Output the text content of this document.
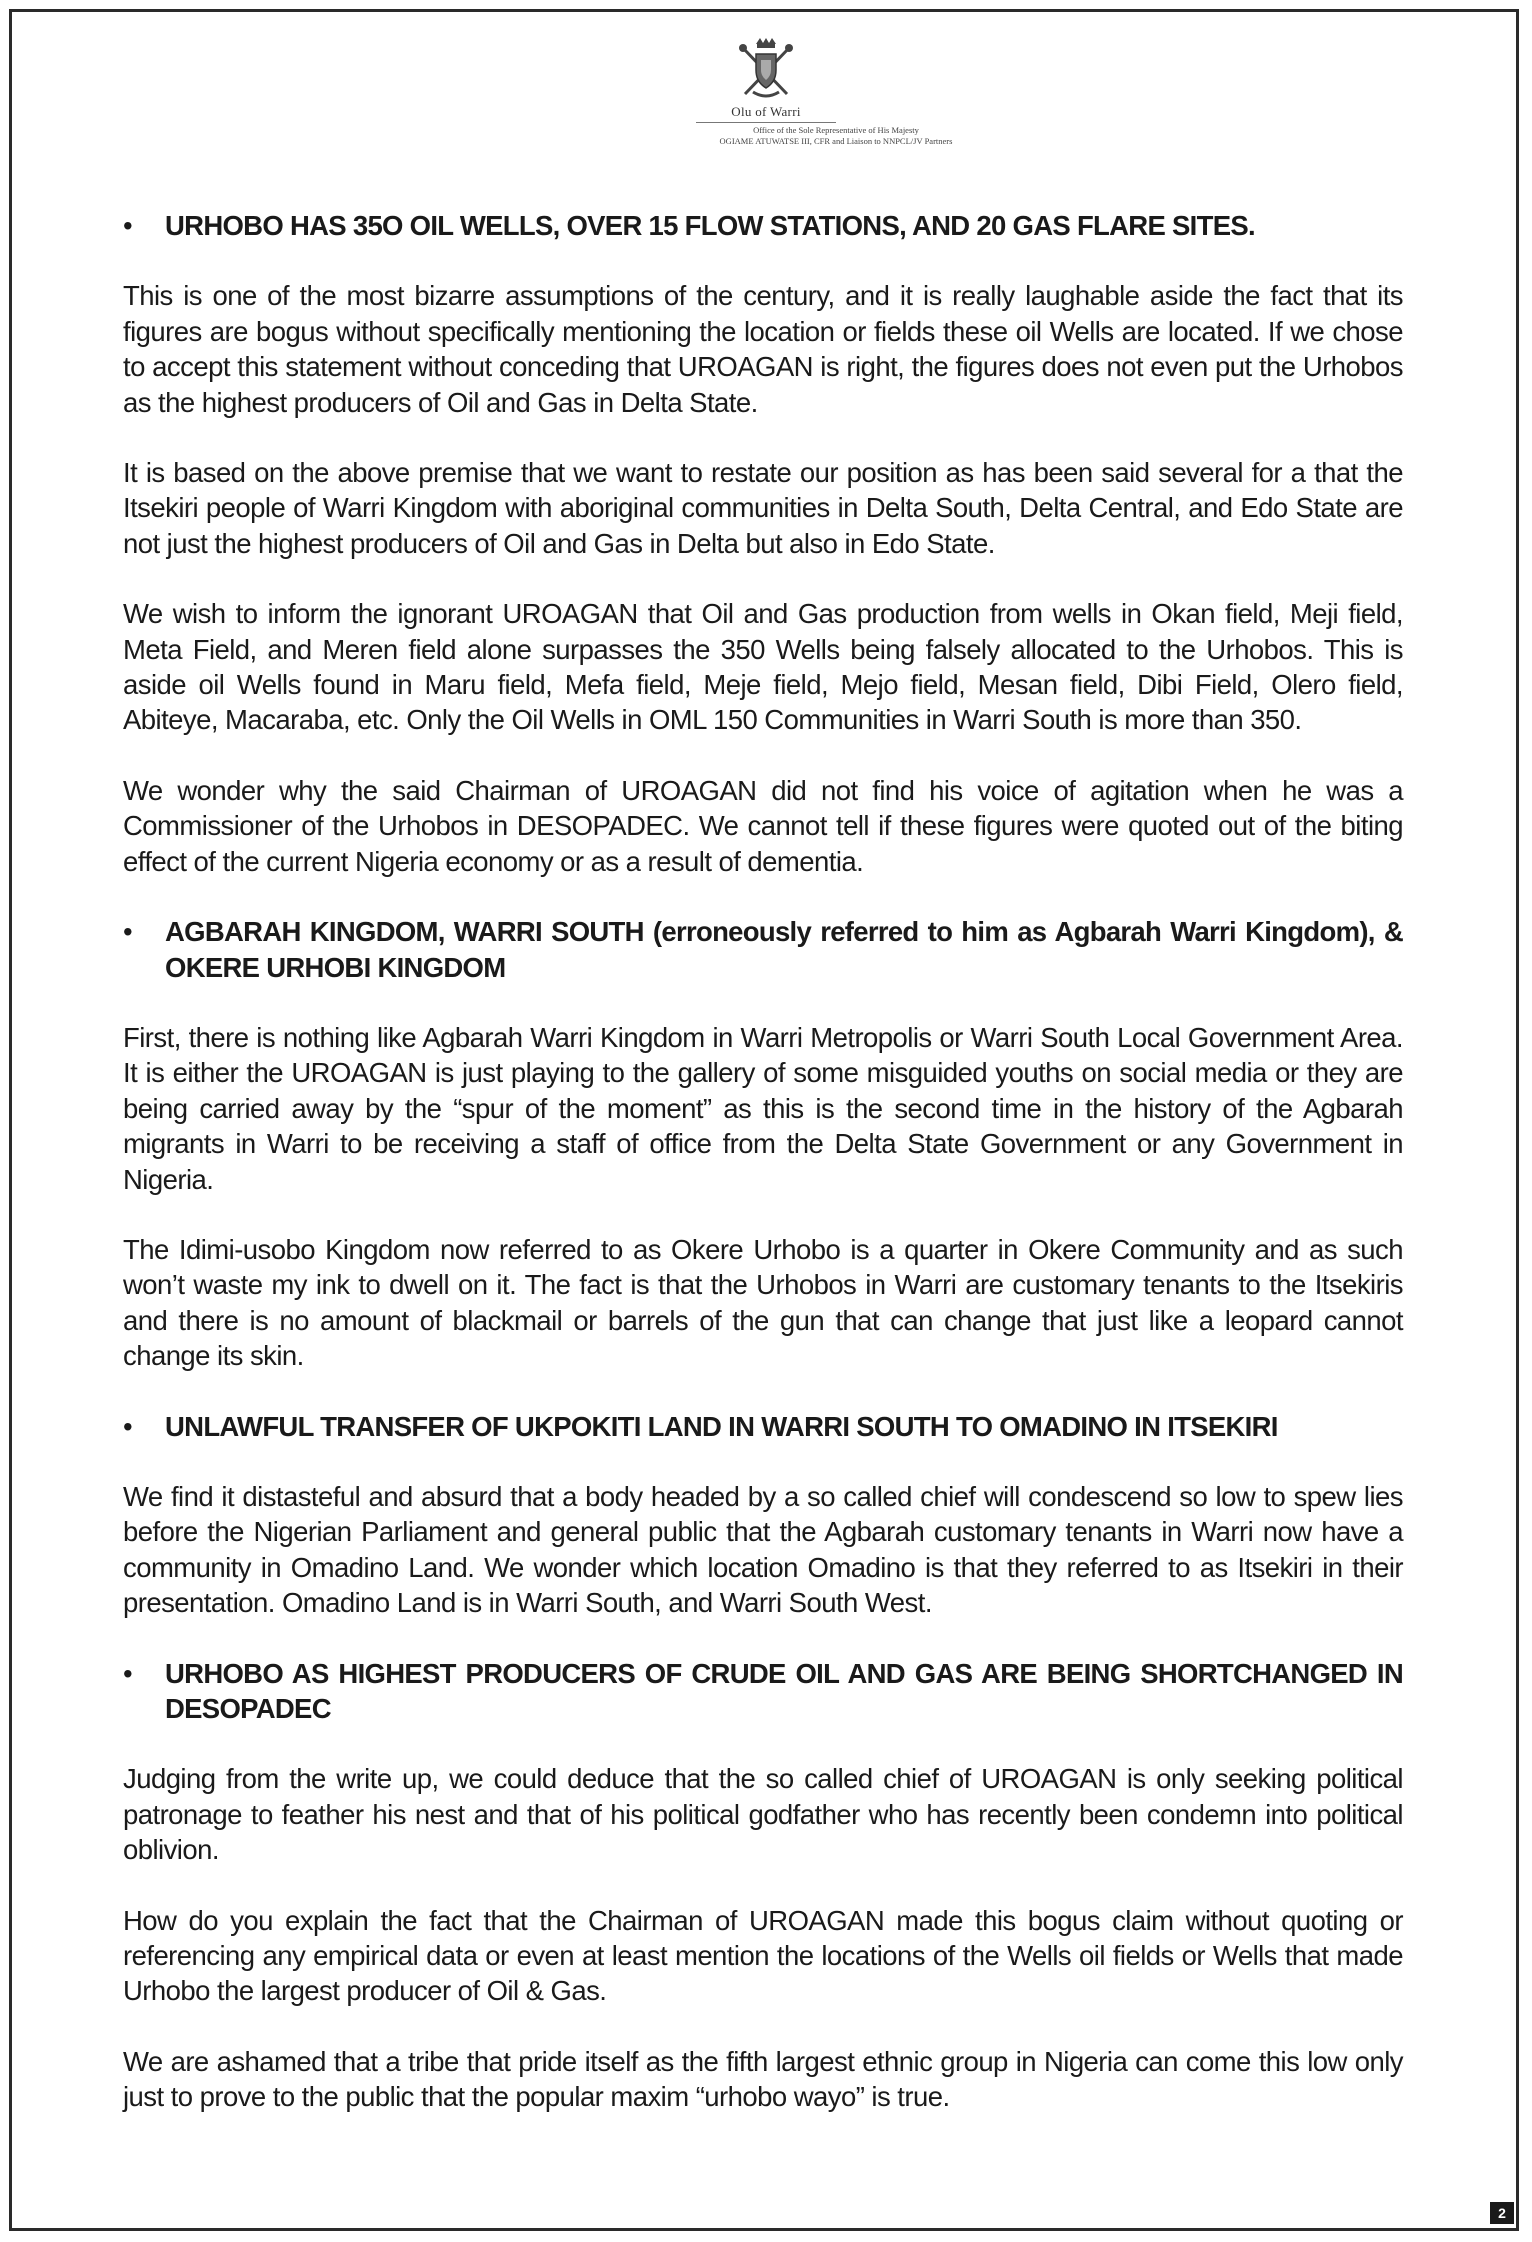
Olu of Warri
Office of the Sole Representative of His Majesty
OGIAME ATUWATSE III, CFR and Liaison to NNPCL/JV Partners
• URHOBO HAS 35O OIL WELLS, OVER 15 FLOW STATIONS, AND 20 GAS FLARE SITES.

This is one of the most bizarre assumptions of the century, and it is really laughable aside the fact that its figures are bogus without specifically mentioning the location or fields these oil Wells are located. If we chose to accept this statement without conceding that UROAGAN is right, the figures does not even put the Urhobos as the highest producers of Oil and Gas in Delta State.

It is based on the above premise that we want to restate our position as has been said several for a that the Itsekiri people of Warri Kingdom with aboriginal communities in Delta South, Delta Central, and Edo State are not just the highest producers of Oil and Gas in Delta but also in Edo State.

We wish to inform the ignorant UROAGAN that Oil and Gas production from wells in Okan field, Meji field, Meta Field, and Meren field alone surpasses the 350 Wells being falsely allocated to the Urhobos. This is aside oil Wells found in Maru field, Mefa field, Meje field, Mejo field, Mesan field, Dibi Field, Olero field, Abiteye, Macaraba, etc. Only the Oil Wells in OML 150 Communities in Warri South is more than 350.

We wonder why the said Chairman of UROAGAN did not find his voice of agitation when he was a Commissioner of the Urhobos in DESOPADEC. We cannot tell if these figures were quoted out of the biting effect of the current Nigeria economy or as a result of dementia.

• AGBARAH KINGDOM, WARRI SOUTH (erroneously referred to him as Agbarah Warri Kingdom), & OKERE URHOBI KINGDOM

First, there is nothing like Agbarah Warri Kingdom in Warri Metropolis or Warri South Local Government Area. It is either the UROAGAN is just playing to the gallery of some misguided youths on social media or they are being carried away by the “spur of the moment” as this is the second time in the history of the Agbarah migrants in Warri to be receiving a staff of office from the Delta State Government or any Government in Nigeria.

The Idimi-usobo Kingdom now referred to as Okere Urhobo is a quarter in Okere Community and as such won’t waste my ink to dwell on it. The fact is that the Urhobos in Warri are customary tenants to the Itsekiris and there is no amount of blackmail or barrels of the gun that can change that just like a leopard cannot change its skin.

• UNLAWFUL TRANSFER OF UKPOKITI LAND IN WARRI SOUTH TO OMADINO IN ITSEKIRI

We find it distasteful and absurd that a body headed by a so called chief will condescend so low to spew lies before the Nigerian Parliament and general public that the Agbarah customary tenants in Warri now have a community in Omadino Land. We wonder which location Omadino is that they referred to as Itsekiri in their presentation. Omadino Land is in Warri South, and Warri South West.

• URHOBO AS HIGHEST PRODUCERS OF CRUDE OIL AND GAS ARE BEING SHORTCHANGED IN DESOPADEC

Judging from the write up, we could deduce that the so called chief of UROAGAN is only seeking political patronage to feather his nest and that of his political godfather who has recently been condemn into political oblivion.

How do you explain the fact that the Chairman of UROAGAN made this bogus claim without quoting or referencing any empirical data or even at least mention the locations of the Wells oil fields or Wells that made Urhobo the largest producer of Oil & Gas.

We are ashamed that a tribe that pride itself as the fifth largest ethnic group in Nigeria can come this low only just to prove to the public that the popular maxim “urhobo wayo” is true.

2
